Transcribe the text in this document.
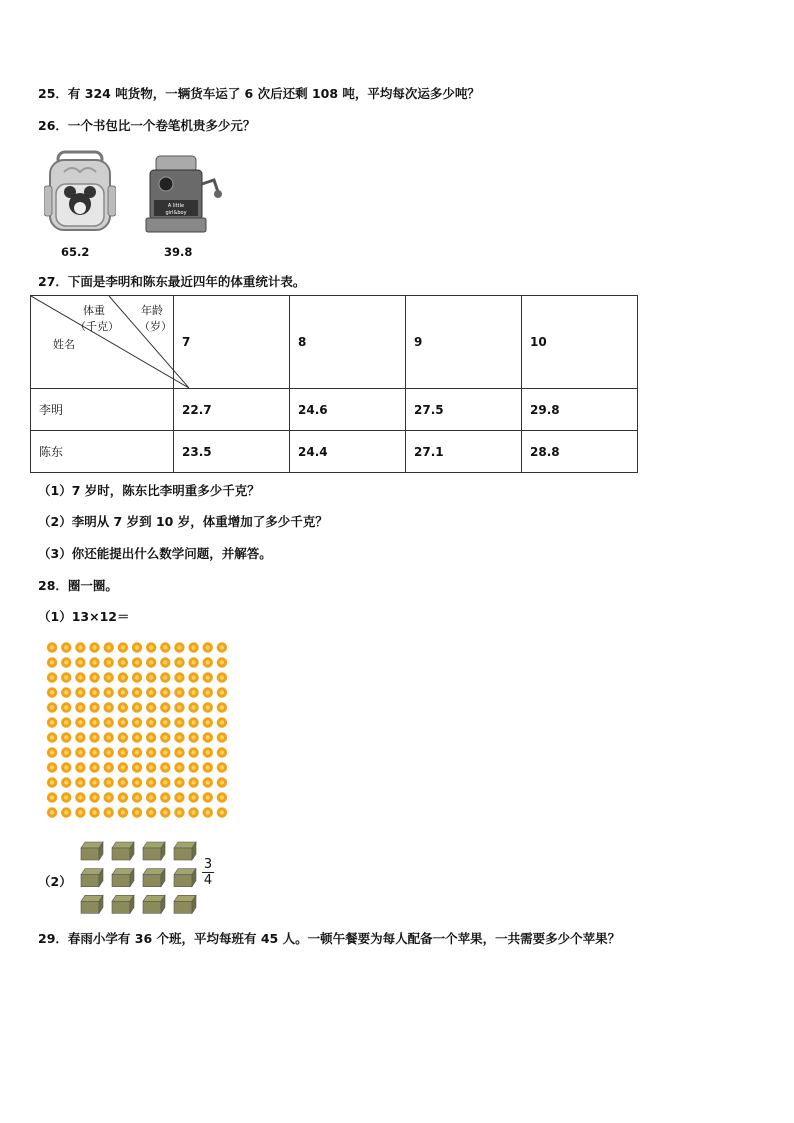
25．有 324 吨货物，一辆货车运了 6 次后还剩 108 吨，平均每次运多少吨？
26．一个书包比一个卷笔机贵多少元？
65.2
A little
girl&boy
39.8
27．下面是李明和陈东最近四年的体重统计表。
体重
（千克）
年龄
（岁）
姓名	7	8	9	10
李明	22.7	24.6	27.5	29.8
陈东	23.5	24.4	27.1	28.8
（1）7 岁时，陈东比李明重多少千克？
（2）李明从 7 岁到 10 岁，体重增加了多少千克？
（3）你还能提出什么数学问题，并解答。
28．圈一圈。
（1）13×12＝
（2）
3
4
29．春雨小学有 36 个班，平均每班有 45 人。一顿午餐要为每人配备一个苹果，一共需要多少个苹果？
